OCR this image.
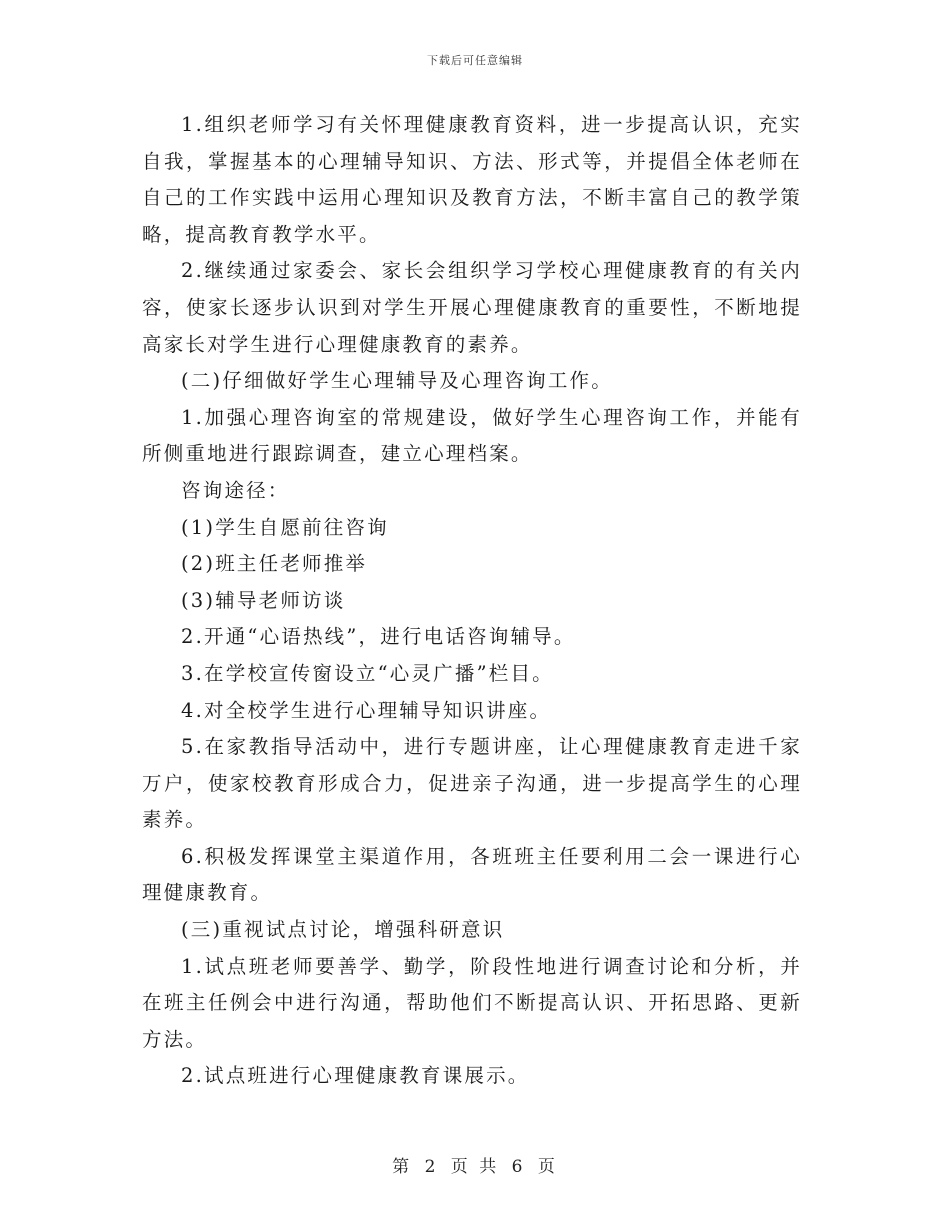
下载后可任意编辑

1.组织老师学习有关怀理健康教育资料，进一步提高认识，充实自我，掌握基本的心理辅导知识、方法、形式等，并提倡全体老师在自己的工作实践中运用心理知识及教育方法，不断丰富自己的教学策略，提高教育教学水平。

2.继续通过家委会、家长会组织学习学校心理健康教育的有关内容，使家长逐步认识到对学生开展心理健康教育的重要性，不断地提高家长对学生进行心理健康教育的素养。

(二)仔细做好学生心理辅导及心理咨询工作。

1.加强心理咨询室的常规建设，做好学生心理咨询工作，并能有所侧重地进行跟踪调查，建立心理档案。

咨询途径：

(1)学生自愿前往咨询

(2)班主任老师推举

(3)辅导老师访谈

2.开通“心语热线”，进行电话咨询辅导。

3.在学校宣传窗设立“心灵广播”栏目。

4.对全校学生进行心理辅导知识讲座。

5.在家教指导活动中，进行专题讲座，让心理健康教育走进千家万户，使家校教育形成合力，促进亲子沟通，进一步提高学生的心理素养。

6.积极发挥课堂主渠道作用，各班班主任要利用二会一课进行心理健康教育。

(三)重视试点讨论，增强科研意识

1.试点班老师要善学、勤学，阶段性地进行调查讨论和分析，并在班主任例会中进行沟通，帮助他们不断提高认识、开拓思路、更新方法。

2.试点班进行心理健康教育课展示。

第 2 页 共 6 页
